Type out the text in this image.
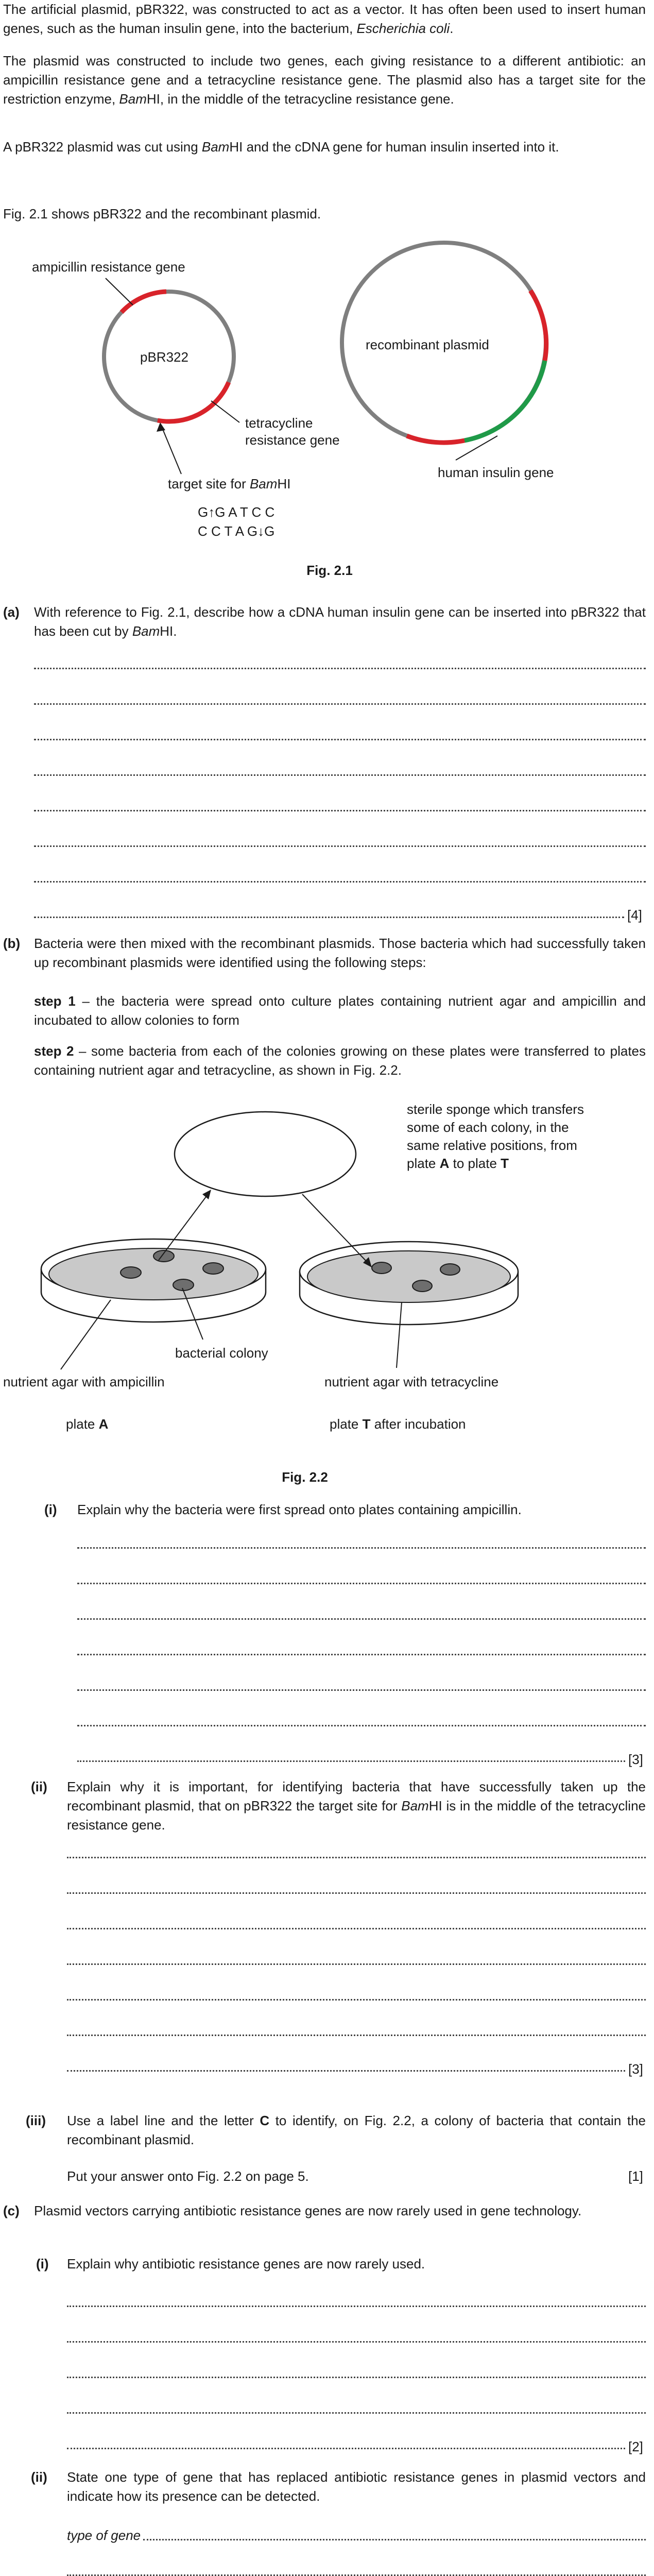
The artificial plasmid, pBR322, was constructed to act as a vector. It has often been used to insert human genes, such as the human insulin gene, into the bacterium, Escherichia coli.
The plasmid was constructed to include two genes, each giving resistance to a different antibiotic: an ampicillin resistance gene and a tetracycline resistance gene. The plasmid also has a target site for the restriction enzyme, BamHI, in the middle of the tetracycline resistance gene.
A pBR322 plasmid was cut using BamHI and the cDNA gene for human insulin inserted into it.
Fig. 2.1 shows pBR322 and the recombinant plasmid.
ampicillin resistance gene
pBR322
tetracycline
resistance gene
target site for BamHI
G↑G A T C C
C C T A G↓G
recombinant plasmid
human insulin gene
Fig. 2.1
(a) With reference to Fig. 2.1, describe how a cDNA human insulin gene can be inserted into pBR322 that has been cut by BamHI.
[4]
(b) Bacteria were then mixed with the recombinant plasmids. Those bacteria which had successfully taken up recombinant plasmids were identified using the following steps:
step 1 – the bacteria were spread onto culture plates containing nutrient agar and ampicillin and incubated to allow colonies to form
step 2 – some bacteria from each of the colonies growing on these plates were transferred to plates containing nutrient agar and tetracycline, as shown in Fig. 2.2.
sterile sponge which transfers
some of each colony, in the
same relative positions, from
plate A to plate T
bacterial colony
nutrient agar with ampicillin	nutrient agar with tetracycline
plate A	plate T after incubation
Fig. 2.2
(i) Explain why the bacteria were first spread onto plates containing ampicillin.
[3]
(ii) Explain why it is important, for identifying bacteria that have successfully taken up the recombinant plasmid, that on pBR322 the target site for BamHI is in the middle of the tetracycline resistance gene.
[3]
(iii) Use a label line and the letter C to identify, on Fig. 2.2, a colony of bacteria that contain the recombinant plasmid.
Put your answer onto Fig. 2.2 on page 5.	[1]
(c) Plasmid vectors carrying antibiotic resistance genes are now rarely used in gene technology.
(i) Explain why antibiotic resistance genes are now rarely used.
[2]
(ii) State one type of gene that has replaced antibiotic resistance genes in plasmid vectors and indicate how its presence can be detected.
type of gene
